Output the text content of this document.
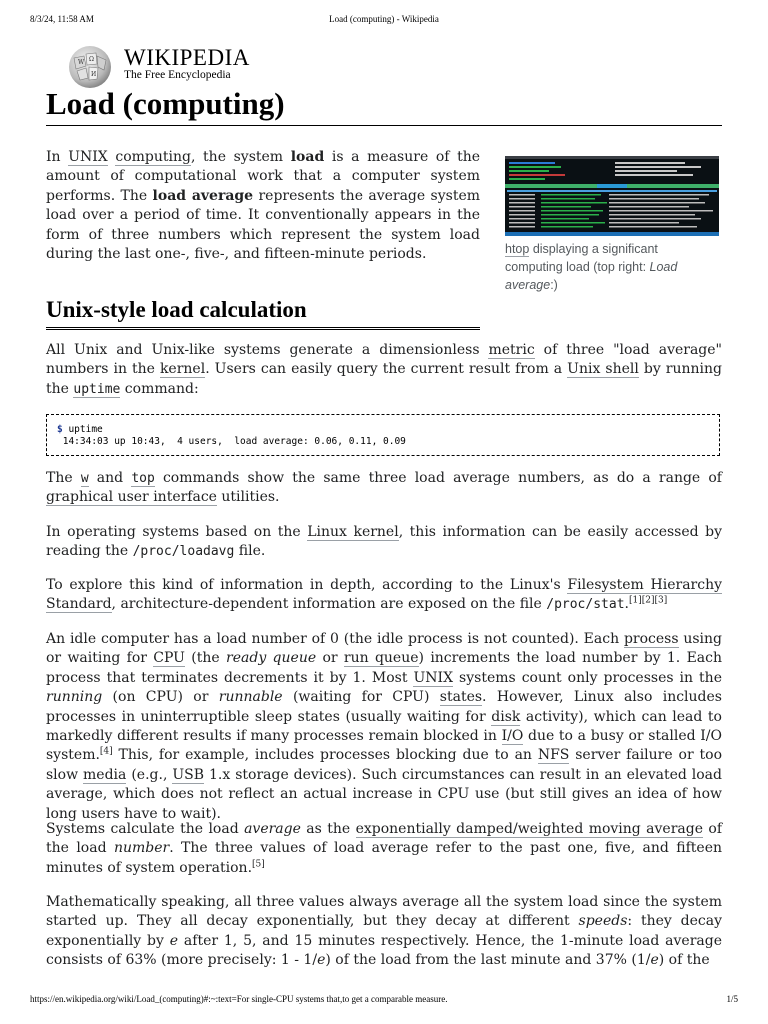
8/3/24, 11:58 AM	Load (computing) - Wikipedia
W Ω
И
WIKIPEDIA
The Free Encyclopedia
Load (computing)

In UNIX computing, the system load is a measure of the amount of computational work that a computer system performs. The load average represents the average system load over a period of time. It conventionally appears in the form of three numbers which represent the system load during the last one-, five-, and fifteen-minute periods.	htop displaying a significant computing load (top right: Load average:)
Unix-style load calculation

All Unix and Unix-like systems generate a dimensionless metric of three "load average" numbers in the kernel. Users can easily query the current result from a Unix shell by running the uptime command:

$ uptime
14:34:03 up 10:43,  4 users,  load average: 0.06, 0.11, 0.09

The w and top commands show the same three load average numbers, as do a range of graphical user interface utilities.

In operating systems based on the Linux kernel, this information can be easily accessed by reading the /proc/loadavg file.

To explore this kind of information in depth, according to the Linux's Filesystem Hierarchy Standard, architecture-dependent information are exposed on the file /proc/stat.[1][2][3]

An idle computer has a load number of 0 (the idle process is not counted). Each process using or waiting for CPU (the ready queue or run queue) increments the load number by 1. Each process that terminates decrements it by 1. Most UNIX systems count only processes in the running (on CPU) or runnable (waiting for CPU) states. However, Linux also includes processes in uninterruptible sleep states (usually waiting for disk activity), which can lead to markedly different results if many processes remain blocked in I/O due to a busy or stalled I/O system.[4] This, for example, includes processes blocking due to an NFS server failure or too slow media (e.g., USB 1.x storage devices). Such circumstances can result in an elevated load average, which does not reflect an actual increase in CPU use (but still gives an idea of how long users have to wait).

Systems calculate the load average as the exponentially damped/weighted moving average of the load number. The three values of load average refer to the past one, five, and fifteen minutes of system operation.[5]

Mathematically speaking, all three values always average all the system load since the system started up. They all decay exponentially, but they decay at different speeds: they decay exponentially by e after 1, 5, and 15 minutes respectively. Hence, the 1-minute load average consists of 63% (more precisely: 1 - 1/e) of the load from the last minute and 37% (1/e) of the

https://en.wikipedia.org/wiki/Load_(computing)#:~:text=For single-CPU systems that,to get a comparable measure.	1/5
